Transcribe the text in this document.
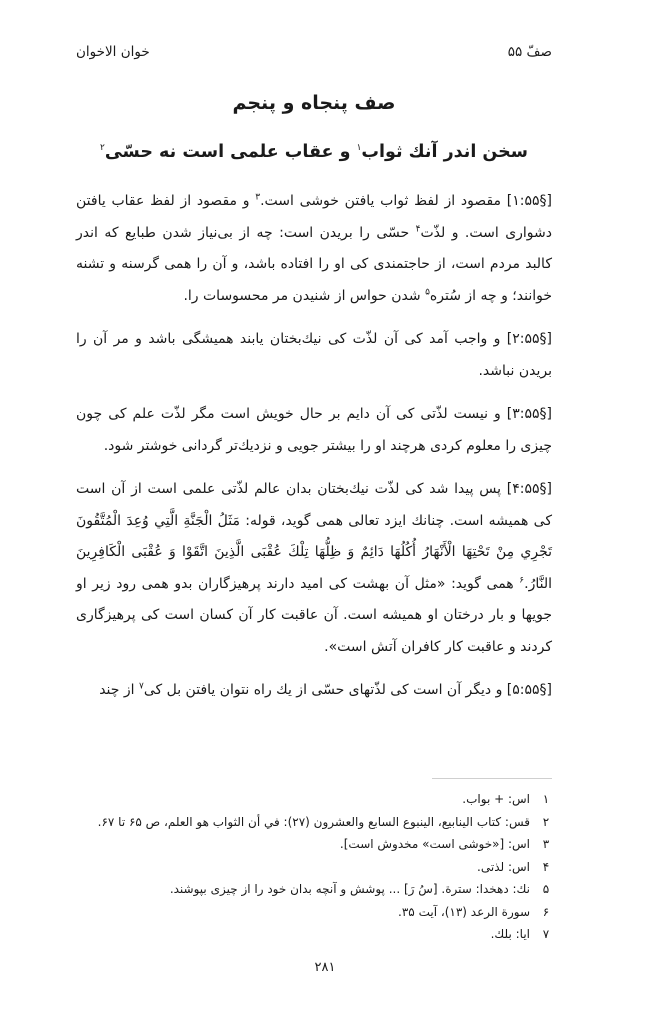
صفّ ۵۵
خوان الاخوان
صف پنجاه و پنجم
سخن اندر آنك ثواب$^۱$ و عقاب علمی است نه حسّی$^۲$

[§۱:۵۵] مقصود از لفظ ثواب یافتن خوشی است.$^۳$ و مقصود از لفظ عقاب یافتن دشواری است. و لذّت$^۴$ حسّی را بریدن است: چه از بی‌نیاز شدن طبایع که اندر کالبد مردم است، از حاجتمندی کی او را افتاده باشد، و آن را همی گرسنه و تشنه خوانند؛ و چه از سُتره$^۵$ شدن حواس از شنیدن مر محسوسات را.

[§۲:۵۵] و واجب آمد کی آن لذّت کی نیك‌بختان یابند همیشگی باشد و مر آن را بریدن نباشد.

[§۳:۵۵] و نیست لذّتی کی آن دایم بر حال خویش است مگر لذّت علم کی چون چیزی را معلوم کردی هرچند او را بیشتر جویی و نزدیك‌تر گردانی خوشتر شود.

[§۴:۵۵] پس پیدا شد کی لذّت نیك‌بختان بدان عالم لذّتی علمی است از آن است کی همیشه است. چنانك ایزد تعالی همی گوید، قوله: مَثَلُ الْجَنَّةِ الَّتِي وُعِدَ الْمُتَّقُونَ تَجْرِي مِنْ تَحْتِهَا الْأَنْهَارُ أُكُلُهَا دَائِمٌ وَ ظِلُّهَا تِلْكَ عُقْبَى الَّذِينَ اتَّقَوْا وَ عُقْبَى الْكَافِرِينَ النَّارُ.$^۶$ همی گوید: «مثل آن بهشت کی امید دارند پرهیزگاران بدو همی رود زیر او جویها و بار درختان او همیشه است. آن عاقبت کار آن کسان است کی پرهیزگاری کردند و عاقبت کار کافران آتش است».

[§۵:۵۵] و دیگر آن است کی لذّتهای حسّی از یك راه نتوان یافتن بل کی$^۷$ از چند

۱
اس: + بواب.
۲
قس: کتاب الینابیع، الینبوع السابع والعشرون (۲۷): في أن الثواب هو العلم، ص ۶۵ تا ۶۷.
۳
اس: [«خوشی است» مخدوش است].
۴
اس: لذتی.
۵
نك: دهخدا: سترة. [سُ رَ] ... پوشش و آنچه بدان خود را از چیزی بپوشند.
۶
سورة الرعد (۱۳)، آیت ۳۵.
۷
ایا: بلك.
۲۸۱
